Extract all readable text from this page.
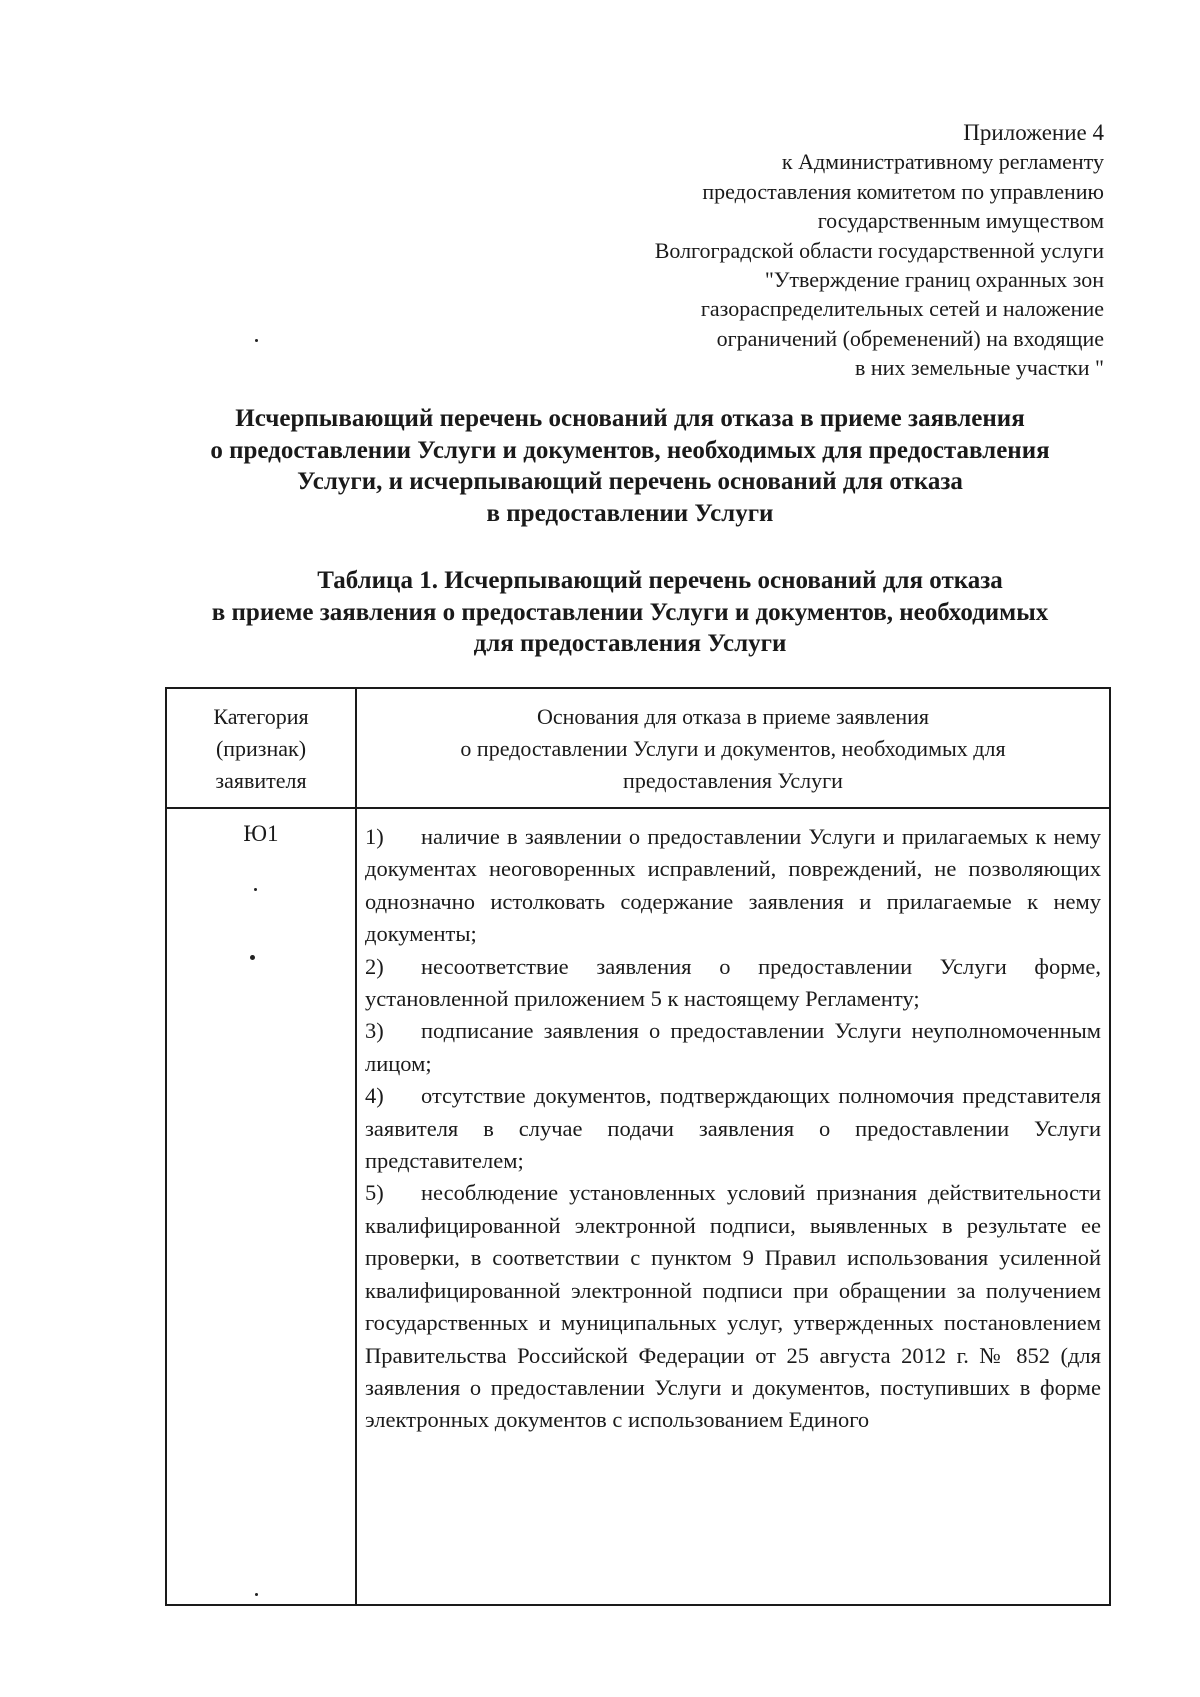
Приложение 4
к Административному регламенту
предоставления комитетом по управлению
государственным имуществом
Волгоградской области государственной услуги
"Утверждение границ охранных зон
газораспределительных сетей и наложение
ограничений (обременений) на входящие
в них земельные участки "
Исчерпывающий перечень оснований для отказа в приеме заявления
о предоставлении Услуги и документов, необходимых для предоставления
Услуги, и исчерпывающий перечень оснований для отказа
в предоставлении Услуги
Таблица 1. Исчерпывающий перечень оснований для отказа
в приеме заявления о предоставлении Услуги и документов, необходимых
для предоставления Услуги
Категория
(признак)
заявителя	Основания для отказа в приеме заявления
о предоставлении Услуги и документов, необходимых для
предоставления Услуги

Ю1	1) наличие в заявлении о предоставлении Услуги и прилагаемых к нему документах неоговоренных исправлений, повреждений, не позволяющих однозначно истолковать содержание заявления и прилагаемые к нему документы;

2) несоответствие заявления о предоставлении Услуги форме, установленной приложением 5 к настоящему Регламенту;

3) подписание заявления о предоставлении Услуги неуполномоченным лицом;

4) отсутствие документов, подтверждающих полномочия представителя заявителя в случае подачи заявления о предоставлении Услуги представителем;

5) несоблюдение установленных условий признания действительности квалифицированной электронной подписи, выявленных в результате ее проверки, в соответствии с пунктом 9 Правил использования усиленной квалифицированной электронной подписи при обращении за получением государственных и муниципальных услуг, утвержденных постановлением Правительства Российской Федерации от 25 августа 2012 г. № 852 (для заявления о предоставлении Услуги и документов, поступивших в форме электронных документов с использованием Единого
